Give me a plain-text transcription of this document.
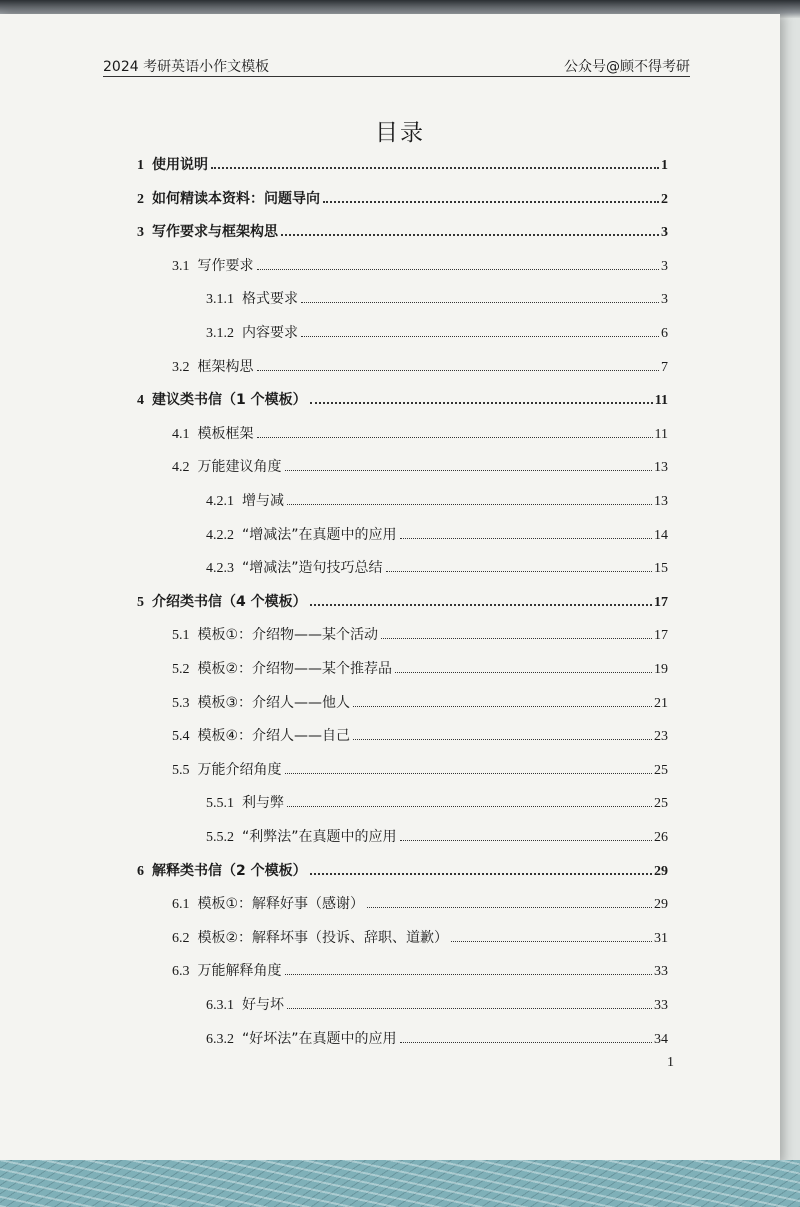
2024 考研英语小作文模板	公众号@顾不得考研
目录
1 使用说明	1
2 如何精读本资料：问题导向	2
3 写作要求与框架构思	3
3.1 写作要求	3
3.1.1 格式要求	3
3.1.2 内容要求	6
3.2 框架构思	7
4 建议类书信（1 个模板）	11
4.1 模板框架	11
4.2 万能建议角度	13
4.2.1 增与减	13
4.2.2 “增减法”在真题中的应用	14
4.2.3 “增减法”造句技巧总结	15
5 介绍类书信（4 个模板）	17
5.1 模板①：介绍物——某个活动	17
5.2 模板②：介绍物——某个推荐品	19
5.3 模板③：介绍人——他人	21
5.4 模板④：介绍人——自己	23
5.5 万能介绍角度	25
5.5.1 利与弊	25
5.5.2 “利弊法”在真题中的应用	26
6 解释类书信（2 个模板）	29
6.1 模板①：解释好事（感谢）	29
6.2 模板②：解释坏事（投诉、辞职、道歉）	31
6.3 万能解释角度	33
6.3.1 好与坏	33
6.3.2 “好坏法”在真题中的应用	34
1
